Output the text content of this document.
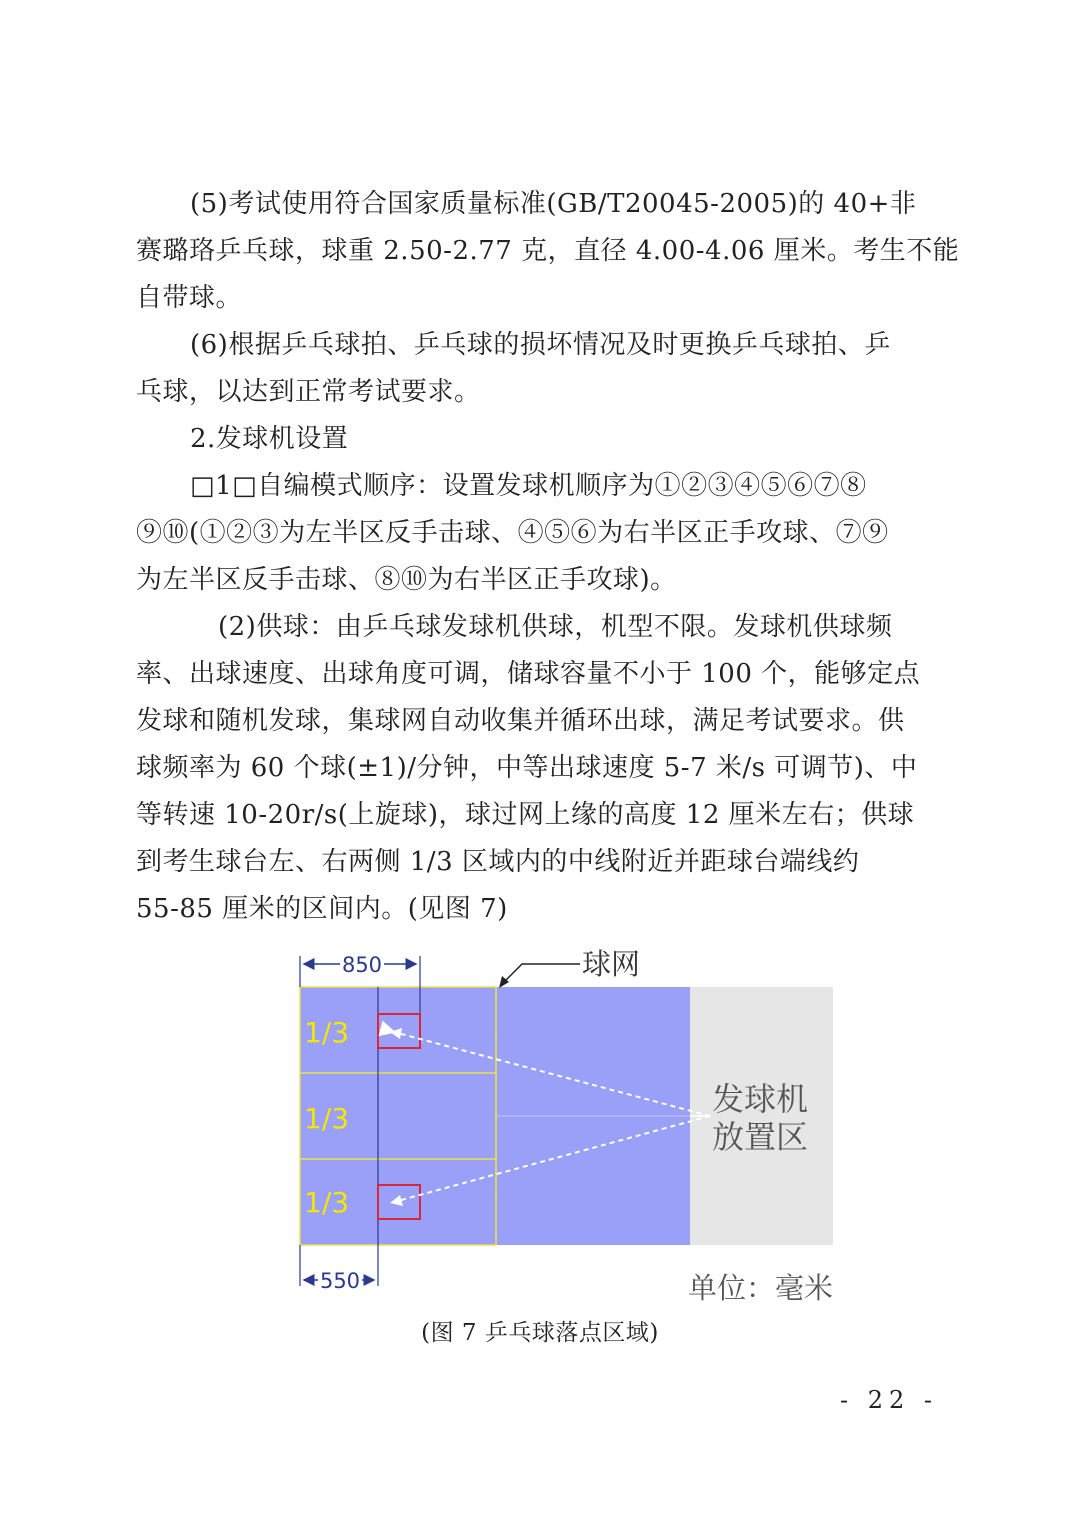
(5)考试使用符合国家质量标准(GB/T20045-2005)的 40+非
赛璐珞乒乓球，球重 2.50-2.77 克，直径 4.00-4.06 厘米。考生不能
自带球。
(6)根据乒乓球拍、乒乓球的损坏情况及时更换乒乓球拍、乒
乓球，以达到正常考试要求。
2.发球机设置
□1□自编模式顺序：设置发球机顺序为①②③④⑤⑥⑦⑧
⑨⑩(①②③为左半区反手击球、④⑤⑥为右半区正手攻球、⑦⑨
为左半区反手击球、⑧⑩为右半区正手攻球)。
(2)供球：由乒乓球发球机供球，机型不限。发球机供球频
率、出球速度、出球角度可调，储球容量不小于 100 个，能够定点
发球和随机发球，集球网自动收集并循环出球，满足考试要求。供
球频率为 60 个球(±1)/分钟，中等出球速度 5-7 米/s 可调节)、中
等转速 10-20r/s(上旋球)，球过网上缘的高度 12 厘米左右；供球
到考生球台左、右两侧 1/3 区域内的中线附近并距球台端线约
55-85 厘米的区间内。(见图 7)
850
550
1/3
1/3
1/3
球网
发球机
放置区
单位：毫米
(图 7 乒乓球落点区域)
- 22 -
